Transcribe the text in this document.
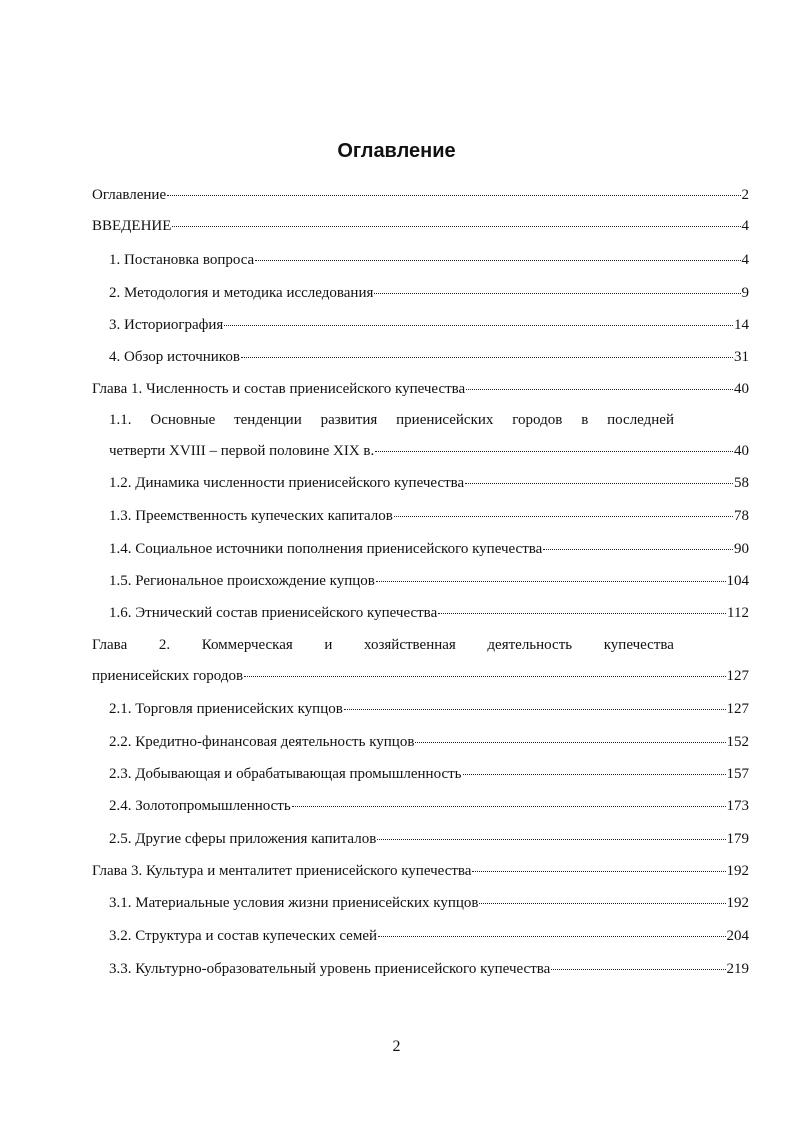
Оглавление
Оглавление	2
ВВЕДЕНИЕ	4
1. Постановка вопроса	4
2. Методология и методика исследования	9
3. Историография	14
4. Обзор источников	31
Глава 1. Численность и состав приенисейского купечества	40
1.1. Основные тенденции развития приенисейских городов в последней
четверти XVIII – первой половине XIX в.	40
1.2. Динамика численности приенисейского купечества	58
1.3. Преемственность купеческих капиталов	78
1.4. Социальное источники пополнения приенисейского купечества	90
1.5. Региональное происхождение купцов	104
1.6. Этнический состав приенисейского купечества	112
Глава 2. Коммерческая и хозяйственная деятельность купечества
приенисейских городов	127
2.1. Торговля приенисейских купцов	127
2.2. Кредитно-финансовая деятельность купцов	152
2.3. Добывающая и обрабатывающая промышленность	157
2.4. Золотопромышленность	173
2.5. Другие сферы приложения капиталов	179
Глава 3. Культура и менталитет приенисейского купечества	192
3.1. Материальные условия жизни приенисейских купцов	192
3.2. Структура и состав купеческих семей	204
3.3. Культурно-образовательный уровень приенисейского купечества	219
2
